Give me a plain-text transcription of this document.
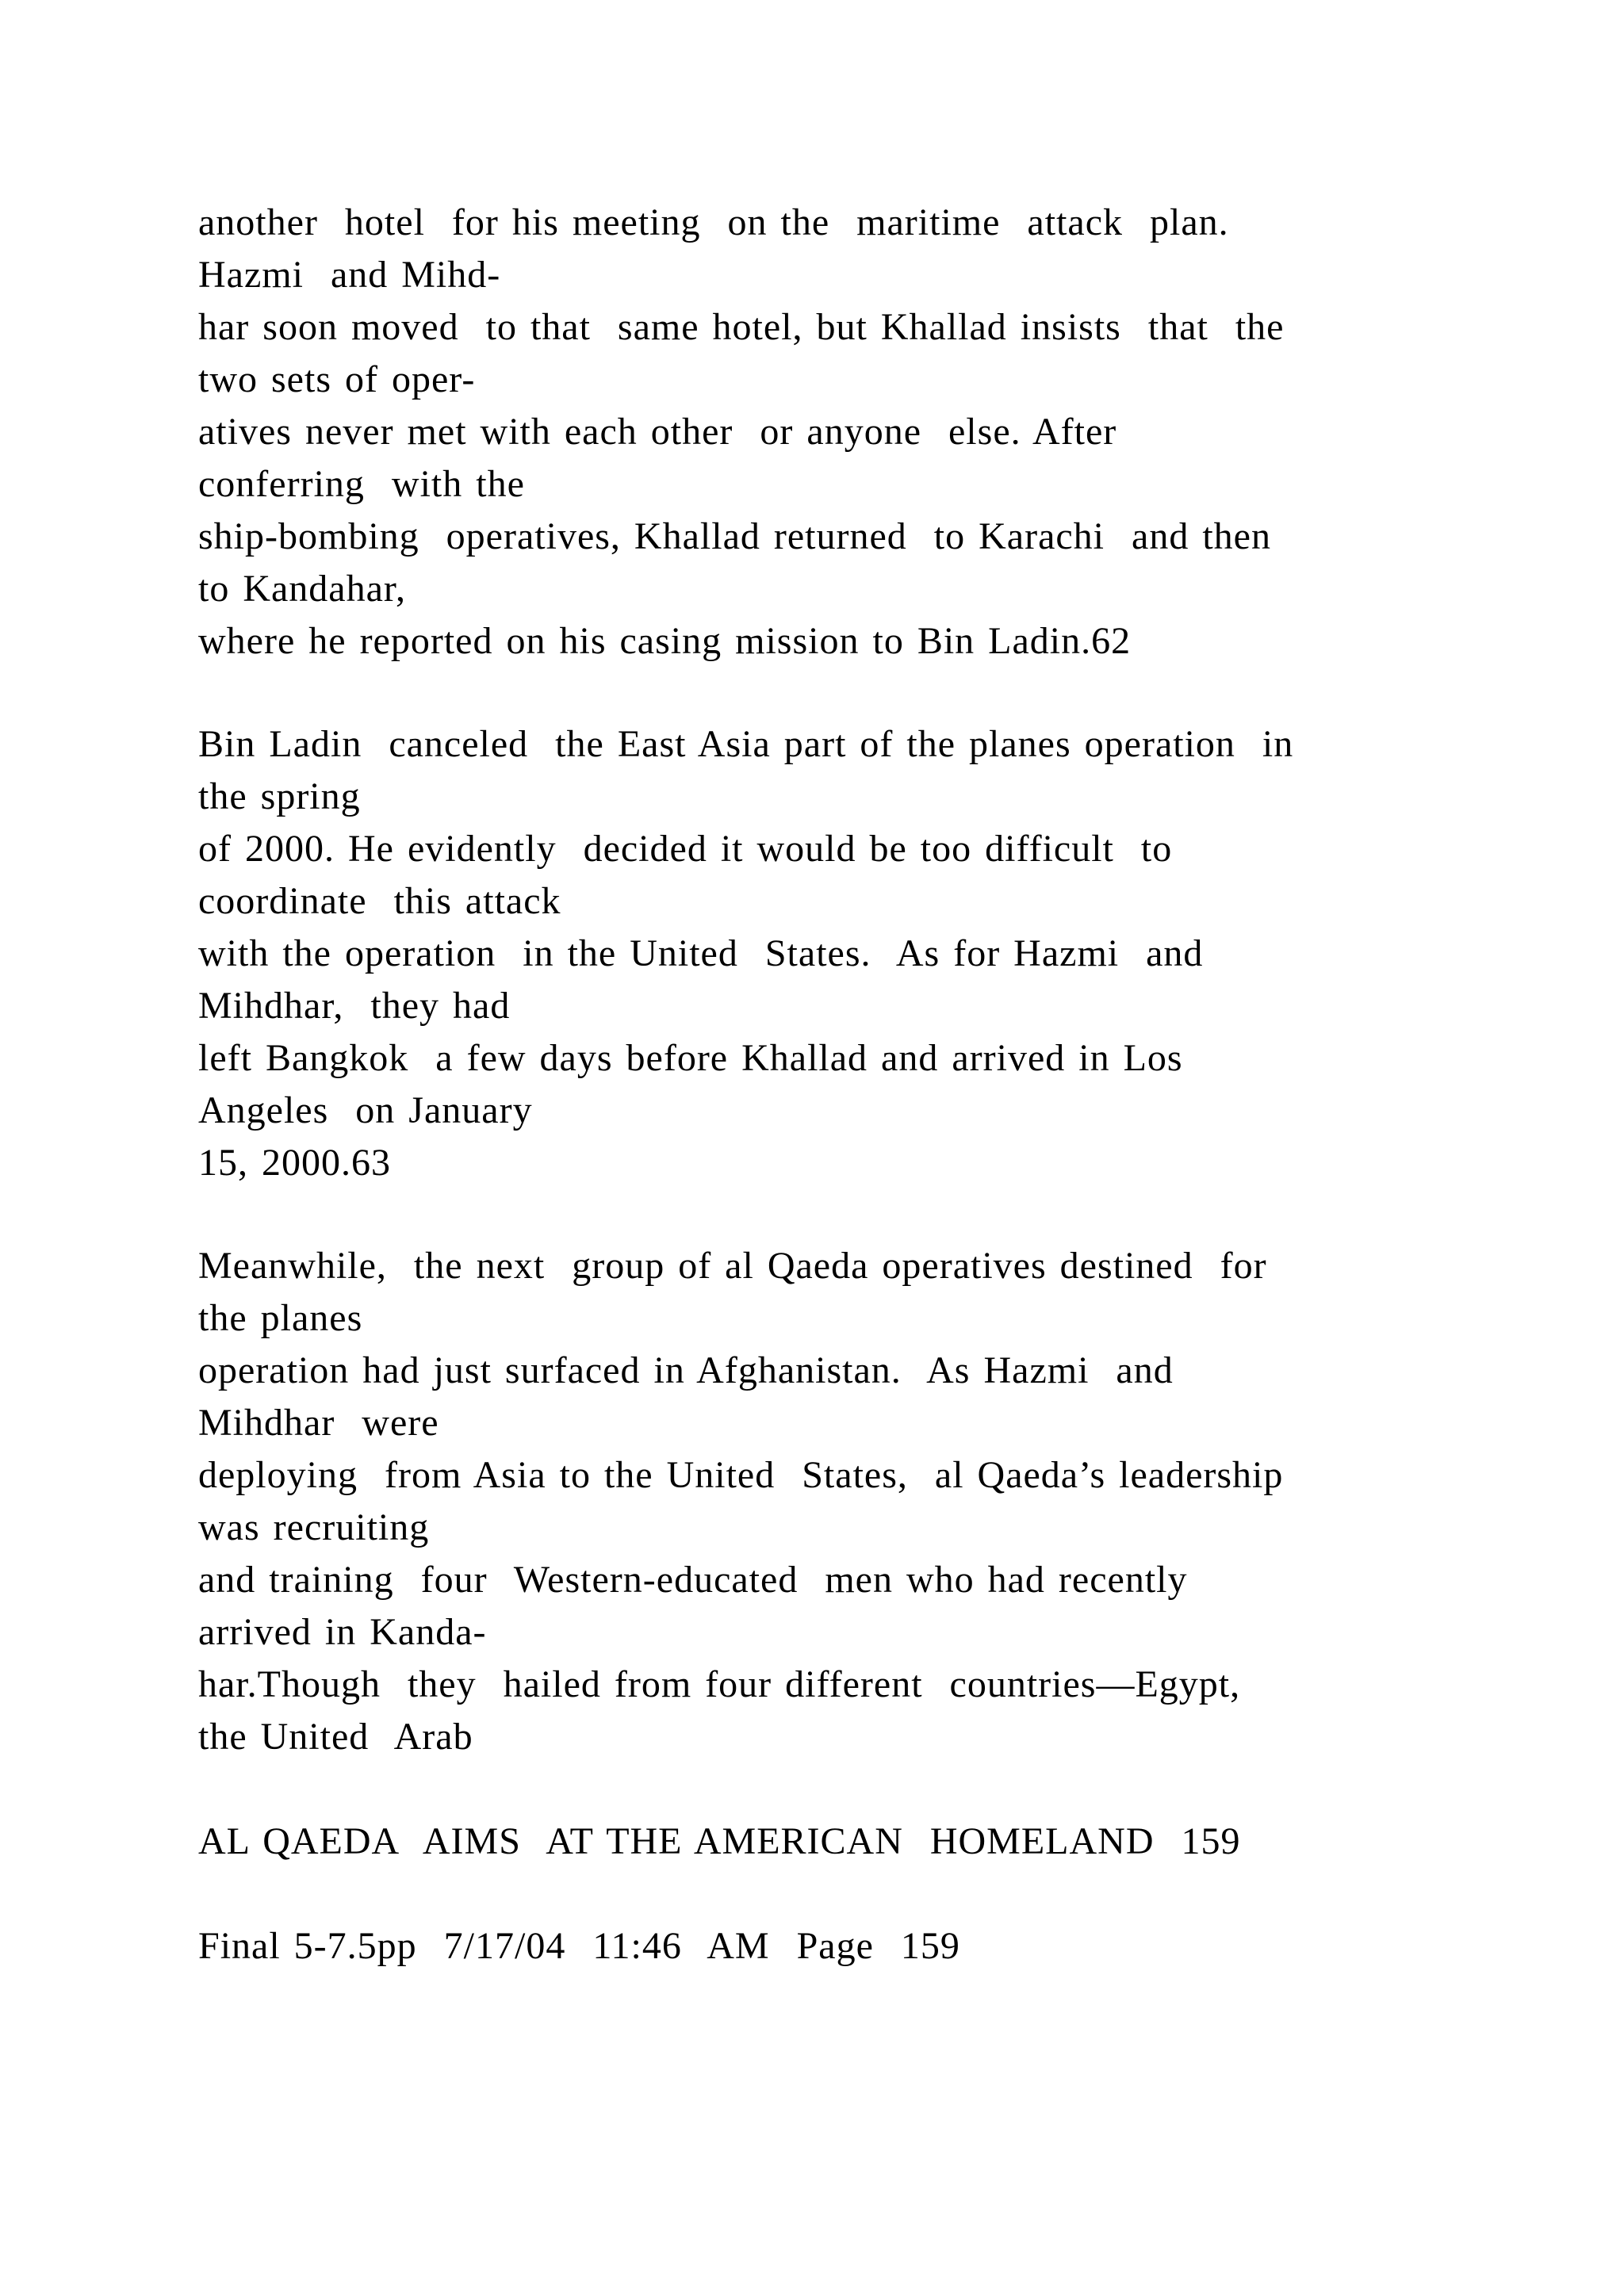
another  hotel  for his meeting  on the  maritime  attack  plan.
Hazmi  and Mihd-
har soon moved  to that  same hotel, but Khallad insists  that  the
two sets of oper-
atives never met with each other  or anyone  else. After
conferring  with the
ship-bombing  operatives, Khallad returned  to Karachi  and then
to Kandahar,
where he reported on his casing mission to Bin Ladin.62
Bin Ladin  canceled  the East Asia part of the planes operation  in
the spring
of 2000. He evidently  decided it would be too difficult  to
coordinate  this attack
with the operation  in the United  States.  As for Hazmi  and
Mihdhar,  they had
left Bangkok  a few days before Khallad and arrived in Los
Angeles  on January
15, 2000.63
Meanwhile,  the next  group of al Qaeda operatives destined  for
the planes
operation had just surfaced in Afghanistan.  As Hazmi  and
Mihdhar  were
deploying  from Asia to the United  States,  al Qaeda’s leadership
was recruiting
and training  four  Western-educated  men who had recently
arrived in Kanda-
har.Though  they  hailed from four different  countries—Egypt,
the United  Arab
AL QAEDA  AIMS  AT THE AMERICAN  HOMELAND  159
Final 5-7.5pp  7/17/04  11:46  AM  Page  159
